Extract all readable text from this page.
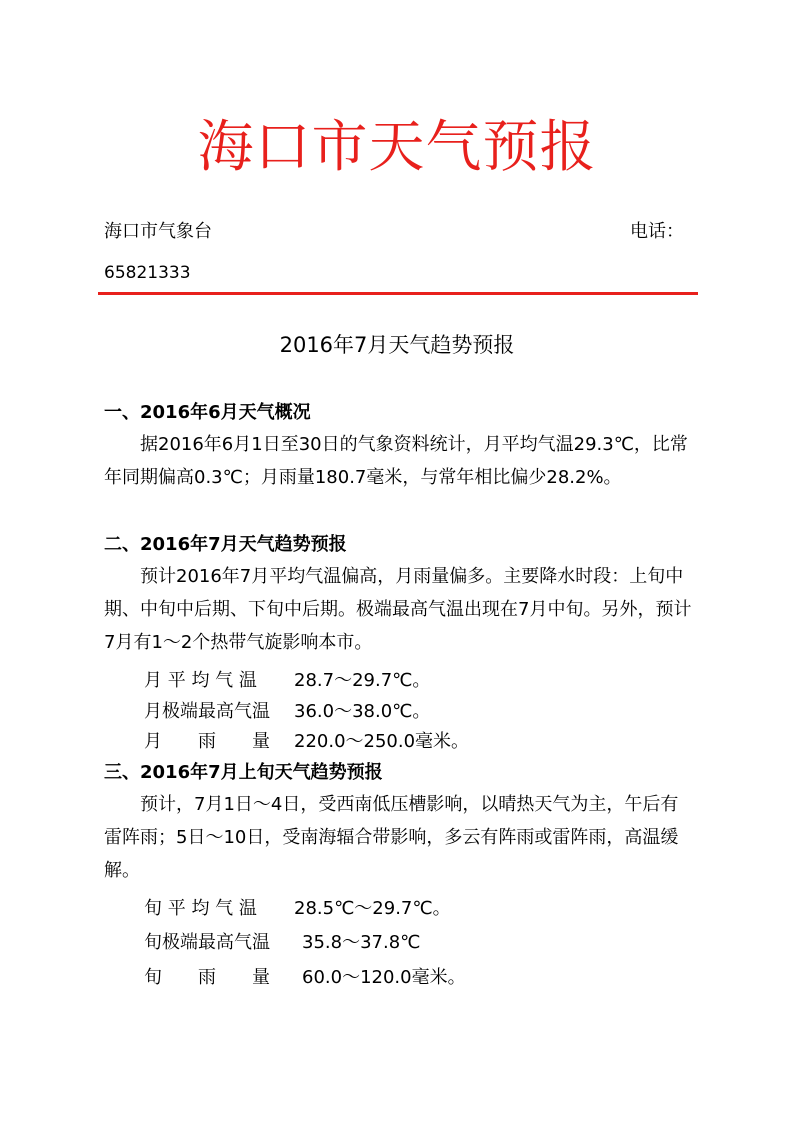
海口市天气预报
海口市气象台	电话：
65821333
2016年7月天气趋势预报
一、2016年6月天气概况

据2016年6月1日至30日的气象资料统计，月平均气温29.3℃，比常年同期偏高0.3℃；月雨量180.7毫米，与常年相比偏少28.2%。

二、2016年7月天气趋势预报

预计2016年7月平均气温偏高，月雨量偏多。主要降水时段：上旬中期、中旬中后期、下旬中后期。极端最高气温出现在7月中旬。另外，预计7月有1～2个热带气旋影响本市。

月 平 均 气 温 28.7～29.7℃。
月极端最高气温 36.0～38.0℃。
月　　雨　　量 220.0～250.0毫米。
三、2016年7月上旬天气趋势预报

预计，7月1日～4日，受西南低压槽影响，以晴热天气为主，午后有雷阵雨；5日～10日，受南海辐合带影响，多云有阵雨或雷阵雨，高温缓解。

旬 平 均 气 温 28.5℃～29.7℃。
旬极端最高气温 35.8～37.8℃
旬　　雨　　量 60.0～120.0毫米。
